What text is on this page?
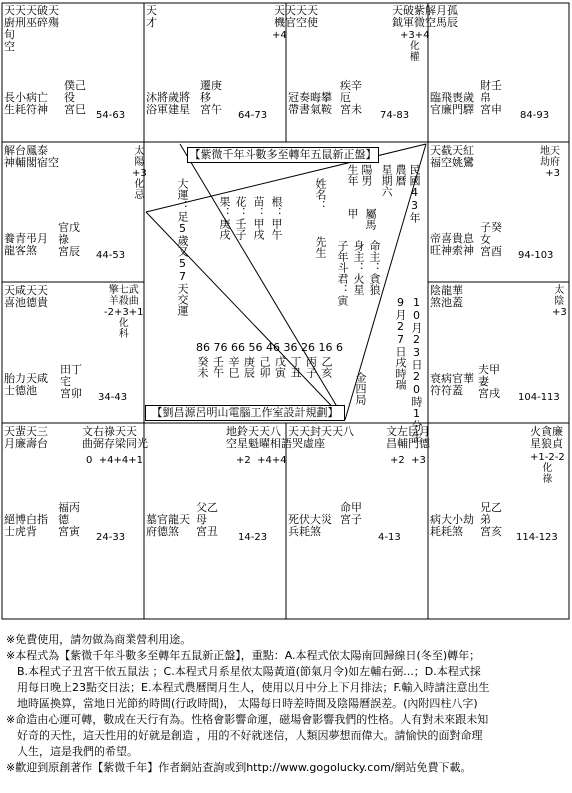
天天天破天
廚刑巫碎殤
旬
空
長小病亡
生耗符神
僕己
役
宮巳 54-63
天
才
+4
沐將歲將
浴軍建星
遷庚
移
宮午 64-73
天天天天
機官空使
冠奏晦攀
帶書氣鞍
疾辛
厄
宮未 74-83
天破紫解月孤
鉞軍微空馬辰
+3+4
化
權
臨飛喪歲
官廉門驛
財壬
帛
宮申 84-93
解台鳳泰
神輔閣宿空
太
陽
+3
化
忌
養青弔月
龍客煞
官戊
祿
宮辰 44-53
天咸天天
喜池德貴
擎七武
羊殺曲
-2+3+1
化
科
胎力天咸
士德池
田丁
宅
宮卯 34-43
天截天紅
福空姚鸞
地天
劫府
+3
帝喜貴息
旺神索神
子癸
女
宮酉 94-103
陰龍華
煞池蓋
太
陰
+3
衰病官華
符符蓋
夫甲
妻
宮戌 104-113
天蜚天三
月廉壽台
文右祿天天
曲弼存梁同光
0  +4+4+1
絕博白指
士虎背
福丙
德
宮寅 24-33
地鈴天天八
空星魁曜相語哭虛座
+2  +4+4
墓官龍天
府德煞
父乙
母
宮丑 14-23
天天封天天八	文左巨月
昌輔門德
+2  +3
死伏大災
兵耗煞
命甲
宮子
4-13
火貪廉
星狼貞
+1-2-2
化
祿
病大小劫
耗耗煞
兄乙
弟
宮亥 114-123
【紫微千年斗數多至轉年五鼠新正盤】
【劉昌源呂明山電腦工作室設計規劃】
大運：足5歲又57天交運	果：庚戌 花：壬子 苗：甲戌 根：甲午
姓名：
先生
生年 陽男
甲 屬馬
子年斗君：寅 身主：火星 命主：貪狼
星期六 農曆 民國43年
9月27日戌時瑞 10月23日20時1分生
金四局
86 76 66 56 46 36 26 16 6
癸未 壬午 辛巳 庚辰 己卯 戊寅 丁丑 丙子 乙亥
※免費使用，請勿做為商業營利用途。
※本程式為【紫微千年斗數多至轉年五鼠新正盤】，重點：A.本程式依太陽南回歸線日(冬至)轉年；
　B.本程式子丑宮干依五鼠法 ；C.本程式月系星依太陽黃道(節氣月令)如左輔右弼...；D.本程式採
　用每日晚上23點交日法；E.本程式農曆閏月生人，使用以月中分上下月排法；F.輸入時請注意出生
　地時區換算，當地日光節約時間(行政時間)， 太陽每日時差時間及陰陽曆誤差。(內附四柱八字)
※命造由心運可轉，數成在天行有為。性格會影響命運，磁場會影響我們的性格。人有對未來跟未知
　好奇的天性，這天性用的好就是創造 ，用的不好就迷信，人類因夢想而偉大。請愉快的面對命理
　人生，這是我們的希望。
※歡迎到原創著作【紫微千年】作者網站查詢或到http://www.gogolucky.com/網站免費下載。
